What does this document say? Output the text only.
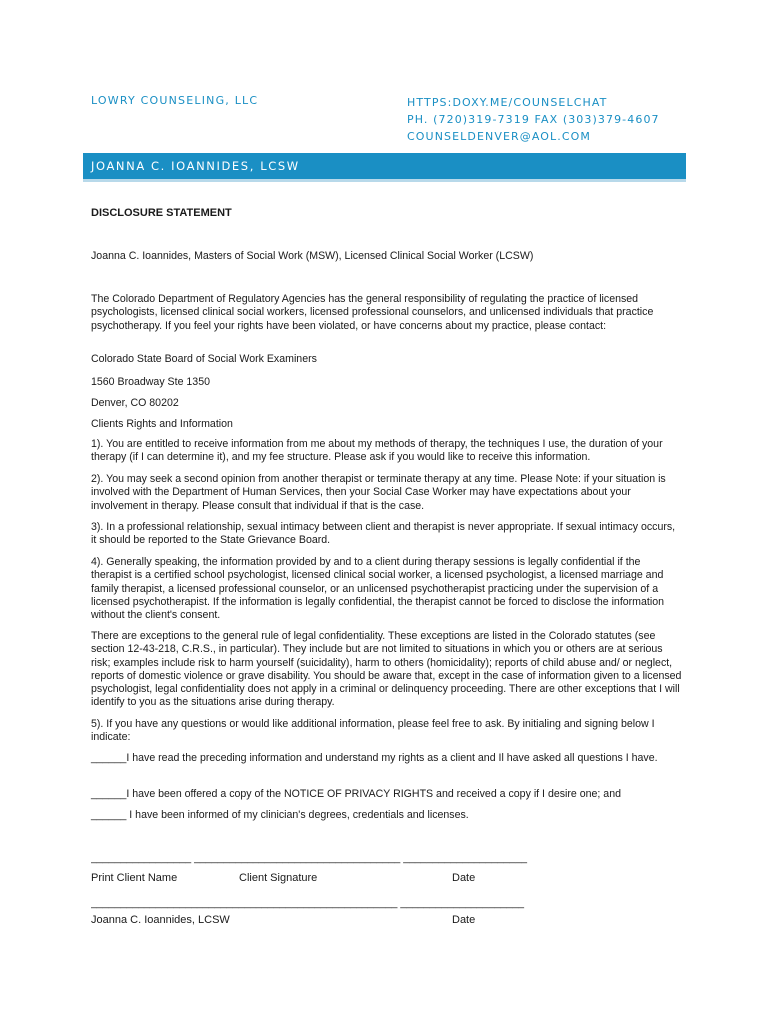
LOWRY COUNSELING, LLC	HTTPS:DOXY.ME/COUNSELCHAT
PH. (720)319-7319 FAX (303)379-4607
COUNSELDENVER@AOL.COM
JOANNA C. IOANNIDES, LCSW
DISCLOSURE STATEMENT
Joanna C. Ioannides, Masters of Social Work (MSW), Licensed Clinical Social Worker (LCSW)
The Colorado Department of Regulatory Agencies has the general responsibility of regulating the practice of licensed psychologists, licensed clinical social workers, licensed professional counselors, and unlicensed individuals that practice psychotherapy. If you feel your rights have been violated, or have concerns about my practice, please contact:
Colorado State Board of Social Work Examiners
1560 Broadway Ste 1350
Denver, CO 80202
Clients Rights and Information
1). You are entitled to receive information from me about my methods of therapy, the techniques I use, the duration of your therapy (if I can determine it), and my fee structure. Please ask if you would like to receive this information.
2). You may seek a second opinion from another therapist or terminate therapy at any time. Please Note: if your situation is involved with the Department of Human Services, then your Social Case Worker may have expectations about your involvement in therapy. Please consult that individual if that is the case.
3). In a professional relationship, sexual intimacy between client and therapist is never appropriate. If sexual intimacy occurs, it should be reported to the State Grievance Board.
4). Generally speaking, the information provided by and to a client during therapy sessions is legally confidential if the therapist is a certified school psychologist, licensed clinical social worker, a licensed psychologist, a licensed marriage and family therapist, a licensed professional counselor, or an unlicensed psychotherapist practicing under the supervision of a licensed psychotherapist. If the information is legally confidential, the therapist cannot be forced to disclose the information without the client's consent.
There are exceptions to the general rule of legal confidentiality. These exceptions are listed in the Colorado statutes (see section 12-43-218, C.R.S., in particular). They include but are not limited to situations in which you or others are at serious risk; examples include risk to harm yourself (suicidality), harm to others (homicidality); reports of child abuse and/ or neglect, reports of domestic violence or grave disability. You should be aware that, except in the case of information given to a licensed psychologist, legal confidentiality does not apply in a criminal or delinquency proceeding. There are other exceptions that I will identify to you as the situations arise during therapy.
5). If you have any questions or would like additional information, please feel free to ask. By initialing and signing below I indicate:
______I have read the preceding information and understand my rights as a client and Il have asked all questions I have.
______I have been offered a copy of the NOTICE OF PRIVACY RIGHTS and received a copy if I desire one; and
______ I have been informed of my clinician's degrees, credentials and licenses.
_________________ ___________________________________ _____________________
Print Client Name	Client Signature	Date
____________________________________________________ _____________________
Joanna C. Ioannides, LCSW	Date
